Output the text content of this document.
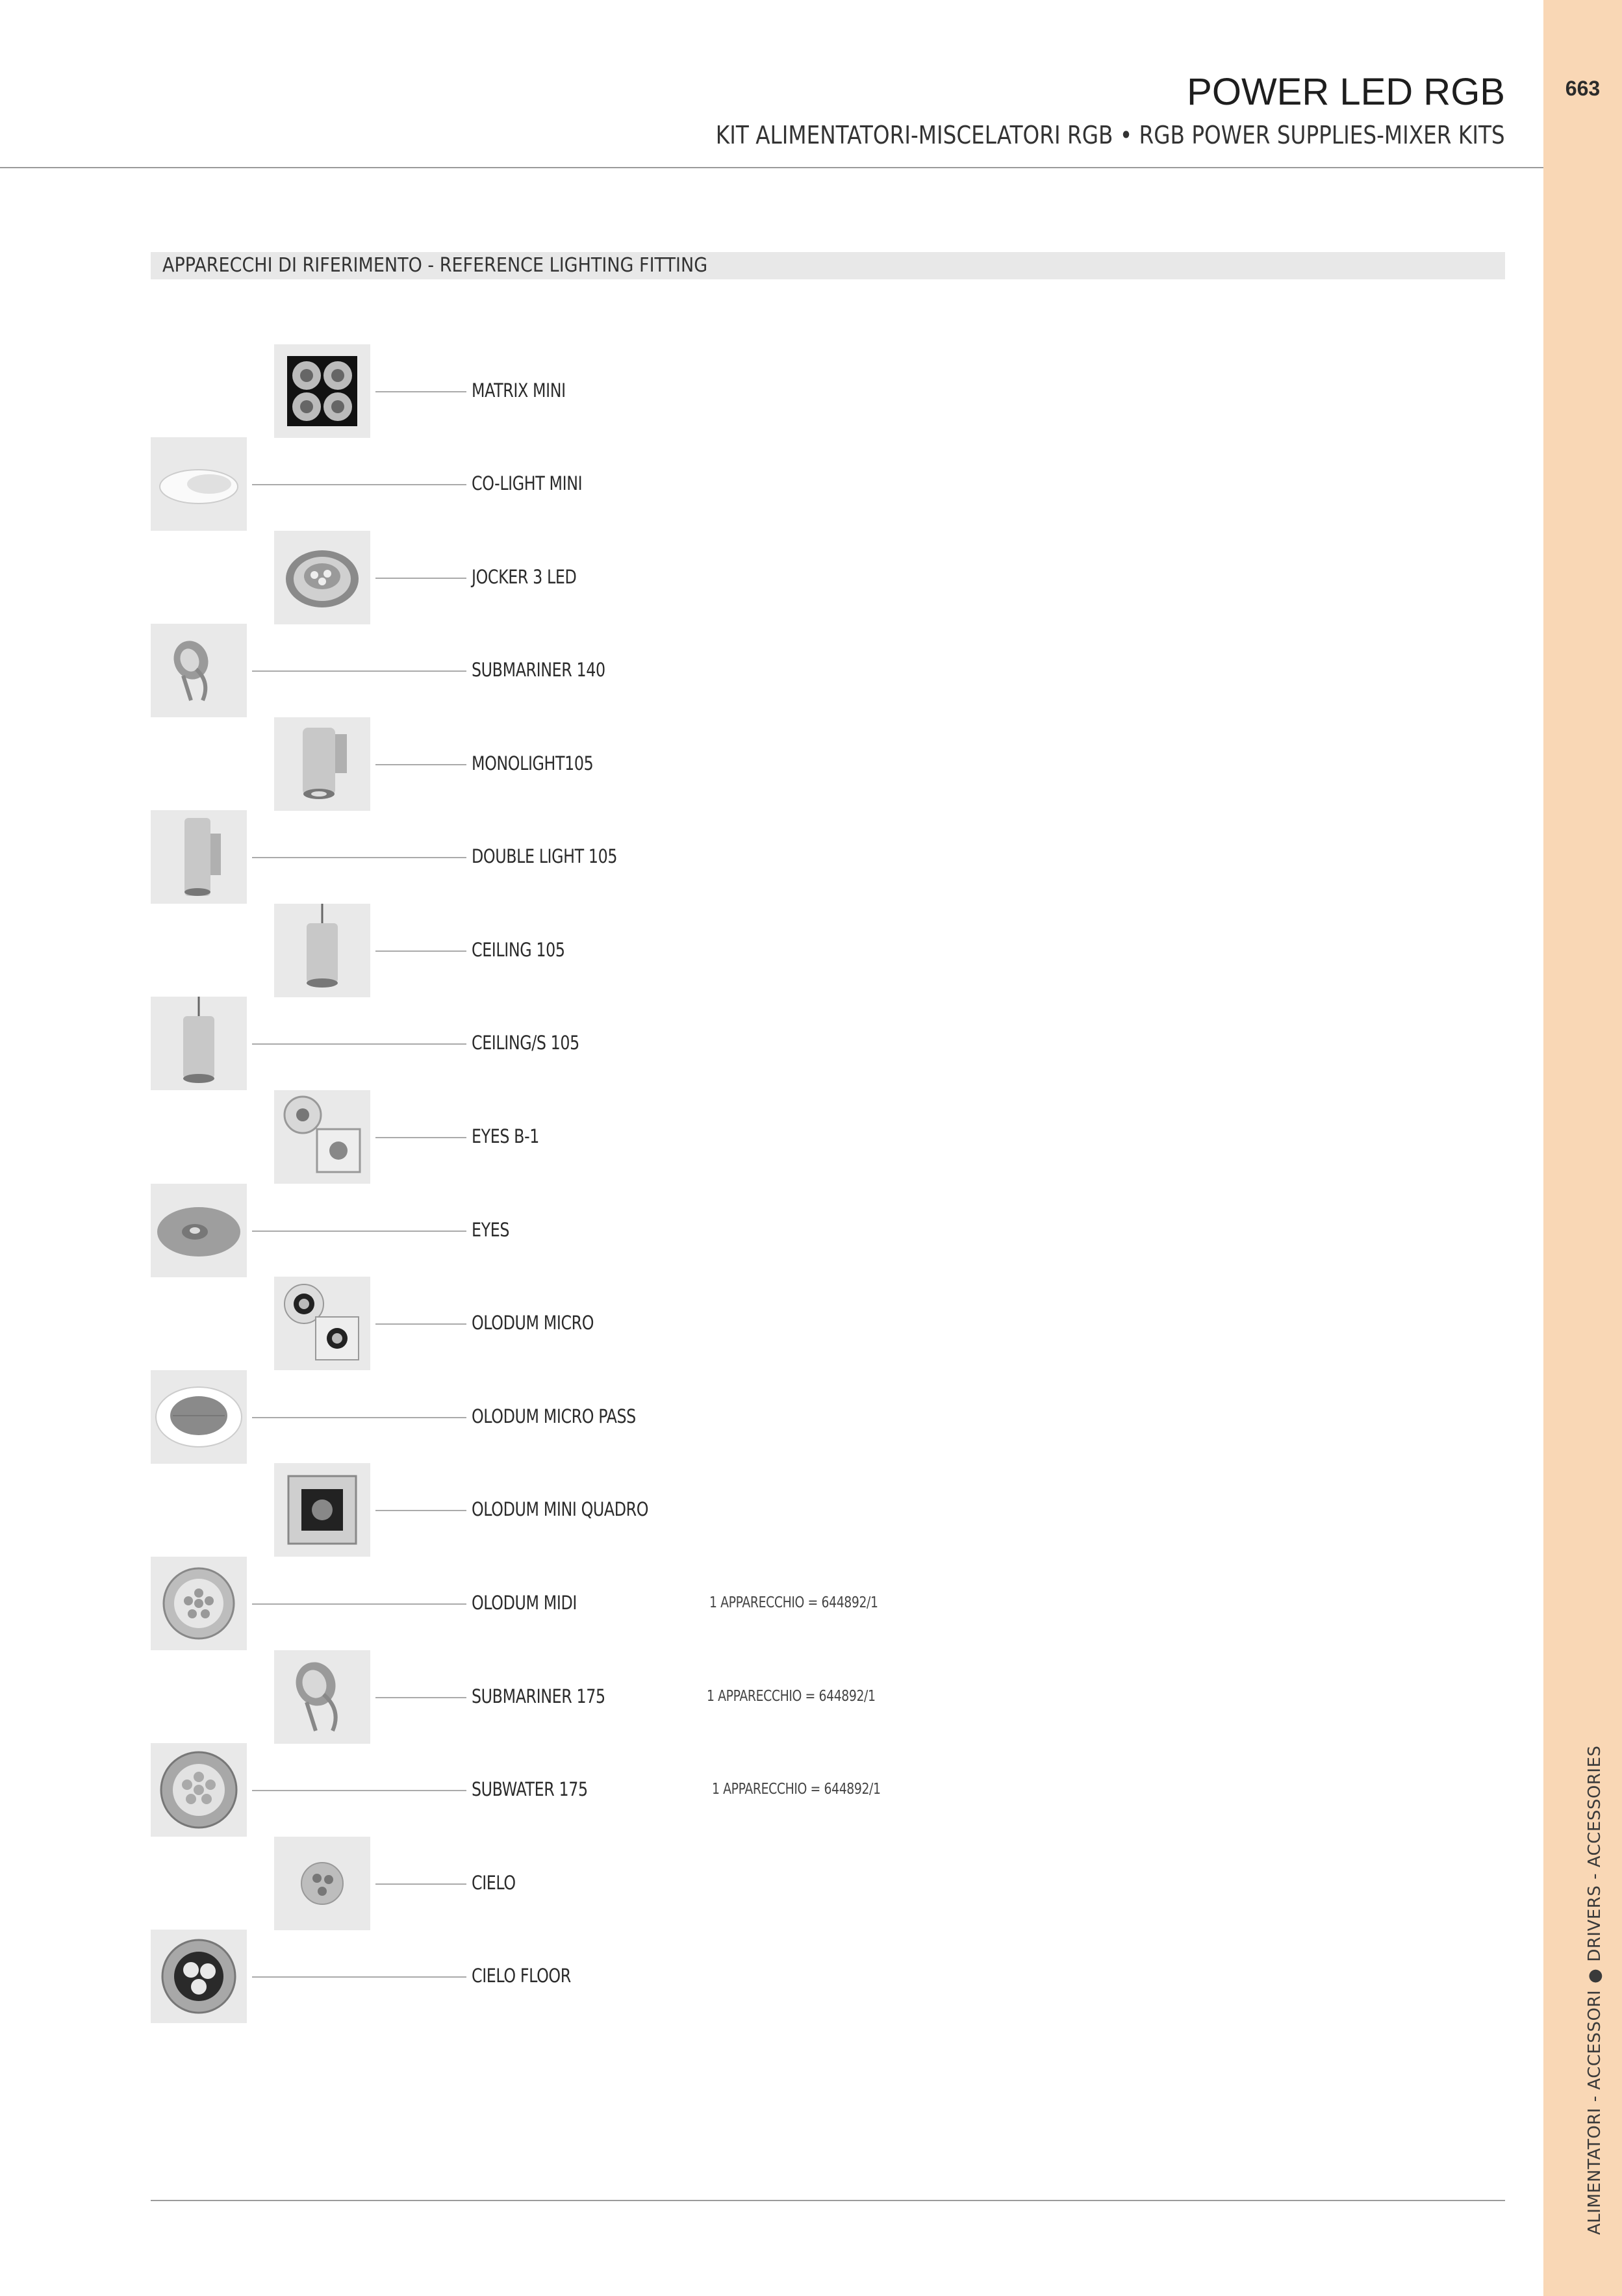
663
ALIMENTATORI - ACCESSORI●DRIVERS - ACCESSORIES
POWER LED RGB
KIT ALIMENTATORI-MISCELATORI RGB • RGB POWER SUPPLIES-MIXER KITS
APPARECCHI DI RIFERIMENTO - REFERENCE LIGHTING FITTING
MATRIX MINI
CO-LIGHT MINI
JOCKER 3 LED
SUBMARINER 140
MONOLIGHT105
DOUBLE LIGHT 105
CEILING 105
CEILING/S 105
EYES B-1
EYES
OLODUM MICRO
OLODUM MICRO PASS
OLODUM MINI QUADRO
OLODUM MIDI	1 APPARECCHIO = 644892/1
SUBMARINER 175	1 APPARECCHIO = 644892/1
SUBWATER 175	1 APPARECCHIO = 644892/1
CIELO
CIELO FLOOR
